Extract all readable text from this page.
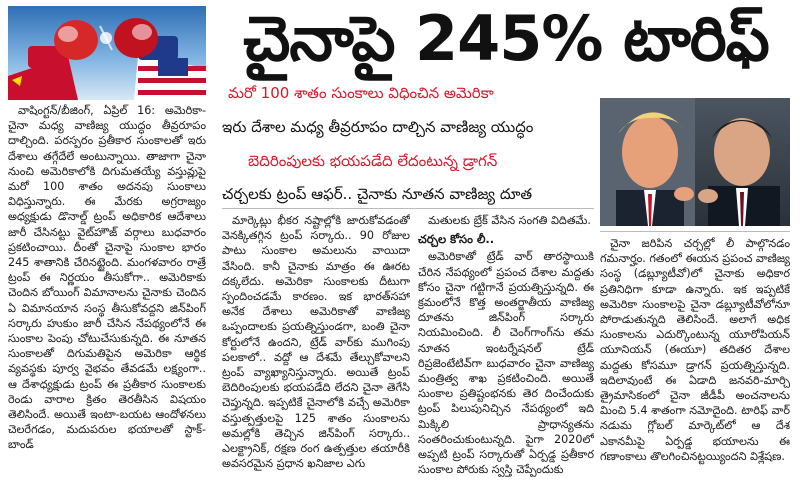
చైనాపై 245% టారిఫ్
మరో 100 శాతం సుంకాలు విధించిన అమెరికా
ఇరు దేశాల మధ్య తీవ్రరూపం దాల్చిన వాణిజ్య యుద్ధం
బెదిరింపులకు భయపడేది లేదంటున్న డ్రాగన్
చర్చలకు ట్రంప్ ఆఫర్.. చైనాకు నూతన వాణిజ్య దూత

వాషింగ్టన్/బీజింగ్, ఏప్రిల్ 16: అమెరికా-చైనా మధ్య వాణిజ్య యుద్ధం తీవ్రరూపం దాల్చింది. పరస్పరం ప్రతీకార సుంకాలతో ఇరు దేశాలు తగ్గేదేలే అంటున్నాయి. తాజాగా చైనా నుంచి అమెరికాలోకి దిగుమతయ్యే వస్తువ్లుపై మరో 100 శాతం అదనపు సుంకాలు విధిస్తున్నారు. ఈ మేరకు అగ్రరాజ్యం అధ్యక్షుడు డొనాల్డ్ ట్రంప్ అధికారిక ఆదేశాలు జారీ చేసినట్టు వైట్‌హౌజ్ వర్గాలు బుధవారం ప్రకటించాయి. దీంతో చైనాపై సుంకాల భారం 245 శాతానికి చేరినట్టైంది. మంగళవారం రాత్రే ట్రంప్ ఈ నిర్ణయం తీసుకోగా.. అమెరికాకు చెందిన బోయింగ్ విమానాలను చైనాకు చెందిన ఏ విమానయాన సంస్థ తీసుకోవద్దని జిన్‌పింగ్ సర్కారు హుకుం జారీ చేసిన నేపథ్యంలోనే ఈ సుంకాల పెంపు చోటుచేసుకున్నది. ఈ నూతన సుంకాలతో దిగుమతిపైన అమెరికా ఆర్థిక వ్యవస్థకు పూర్వ వైభవం తేవడమే లక్ష్యంగా.. ఆ దేశాధ్యక్షుడు ట్రంప్ ఈ ప్రతీకార సుంకాలకు రెండు వారాల క్రితం తెరతీసిన విషయం తెలిసిందే. అయితే ఇంటా-బయట ఆందోళనలు చెలరేగడం, మదుపరుల భయాలతో స్టాక్-బాండ్

మార్కెట్లు భీకర నష్టాల్లోకి జారుకోవడంతో వెనక్కితగ్గిన ట్రంప్ సర్కారు.. 90 రోజుల పాటు సుంకాల అమలును వాయిదా వేసింది. కానీ చైనాకు మాత్రం ఈ ఊరట దక్కలేదు. అమెరికా సుంకాలకు దీటుగా స్పందించడమే కారణం. ఇక భారత్‌సహా అనేక దేశాలు అమెరికాతో వాణిజ్య ఒప్పందాలకు ప్రయత్నిస్తుండగా, బంతి చైనా కోర్టులోనే ఉందని, ట్రేడ్ వార్‌కు ముగింపు పలకాలో.. వద్దో ఆ దేశమే తేల్చుకోవాలని ట్రంప్ వ్యాఖ్యానిస్తున్నారు. అయితే ట్రంప్ బెదిరింపులకు భయపడేది లేదని చైనా తెగేసి చెప్తున్నది. ఇప్పటికే చైనాలోకి వచ్చే అమెరికా వస్తుత్పత్తులపై 125 శాతం సుంకాలను అమల్లోకి తెచ్చిన జిన్‌పింగ్ సర్కారు.. ఎలక్ట్రానిక్, రక్షణ రంగ ఉత్పత్తుల తయారీకి అవసరమైన ప్రధాన ఖనిజాల ఎగు

మతులకు బ్రేక్ వేసిన సంగతి విదితమే.

చర్చల కోసం లీ..

అమెరికాతో ట్రేడ్ వార్ తారస్థాయికి చేరిన నేపథ్యంలో ప్రపంచ దేశాల మద్దతు కోసం చైనా గట్టిగానే ప్రయత్నిస్తున్నది. ఈ క్రమంలోనే కొత్త అంతర్జాతీయ వాణిజ్య దూతను జిన్‌పింగ్ సర్కారు నియమించింది. లీ చెంగ్‌గాంగ్‌ను తమ నూతన ఇంటర్నేషనల్ ట్రేడ్ రిప్రజెంటేటివ్‌గా బుధవారం చైనా వాణిజ్య మంత్రిత్వ శాఖ ప్రకటించింది. అయితే సుంకాల ప్రతిష్టంభనకు తెర దించేందుకు ట్రంప్ పిలుపునిచ్చిన నేపథ్యంలో ఇది మిక్కిలి ప్రాధాన్యతను సంతరించుకుంటున్నది. పైగా 2020లో అప్పటి ట్రంప్ సర్కారుతో ఏర్పడ్డ ప్రతీకార సుంకాల పోరుకు స్వస్తి చెప్పేందుకు

చైనా జరిపిన చర్చల్లో లీ పాల్గొనడం గమనార్హం. గతంలో ఈయన ప్రపంచ వాణిజ్య సంస్థ (డబ్ల్యూటీవో)లో చైనాకు అధికార ప్రతినిధిగా కూడా ఉన్నారు. ఇక ఇప్పటికే అమెరికా సుంకాలపై చైనా డబ్ల్యూటీవోలోనూ పోరాడుతున్నది తెలిసిందే. అలాగే అధిక సుంకాలను ఎదుర్కొంటున్న యూరోపియన్ యూనియన్ (ఈయూ) తదితర దేశాల మద్దతు కోసమూ డ్రాగన్ ప్రయత్నిస్తున్నది. ఇదిలావుంటే ఈ ఏడాది జనవరి-మార్చి త్రైమాసికంలో చైనా జీడీపీ అంచనాలను మించి 5.4 శాతంగా నమోదైంది. టారిఫ్ వార్ నడుమ గ్లోబల్ మార్కెట్‌లో ఆ దేశ ఎకానమీపై ఏర్పడ్డ భయాలను ఈ గణాంకాలు తొలగించినట్టయ్యిందని విశ్లేషణ.
